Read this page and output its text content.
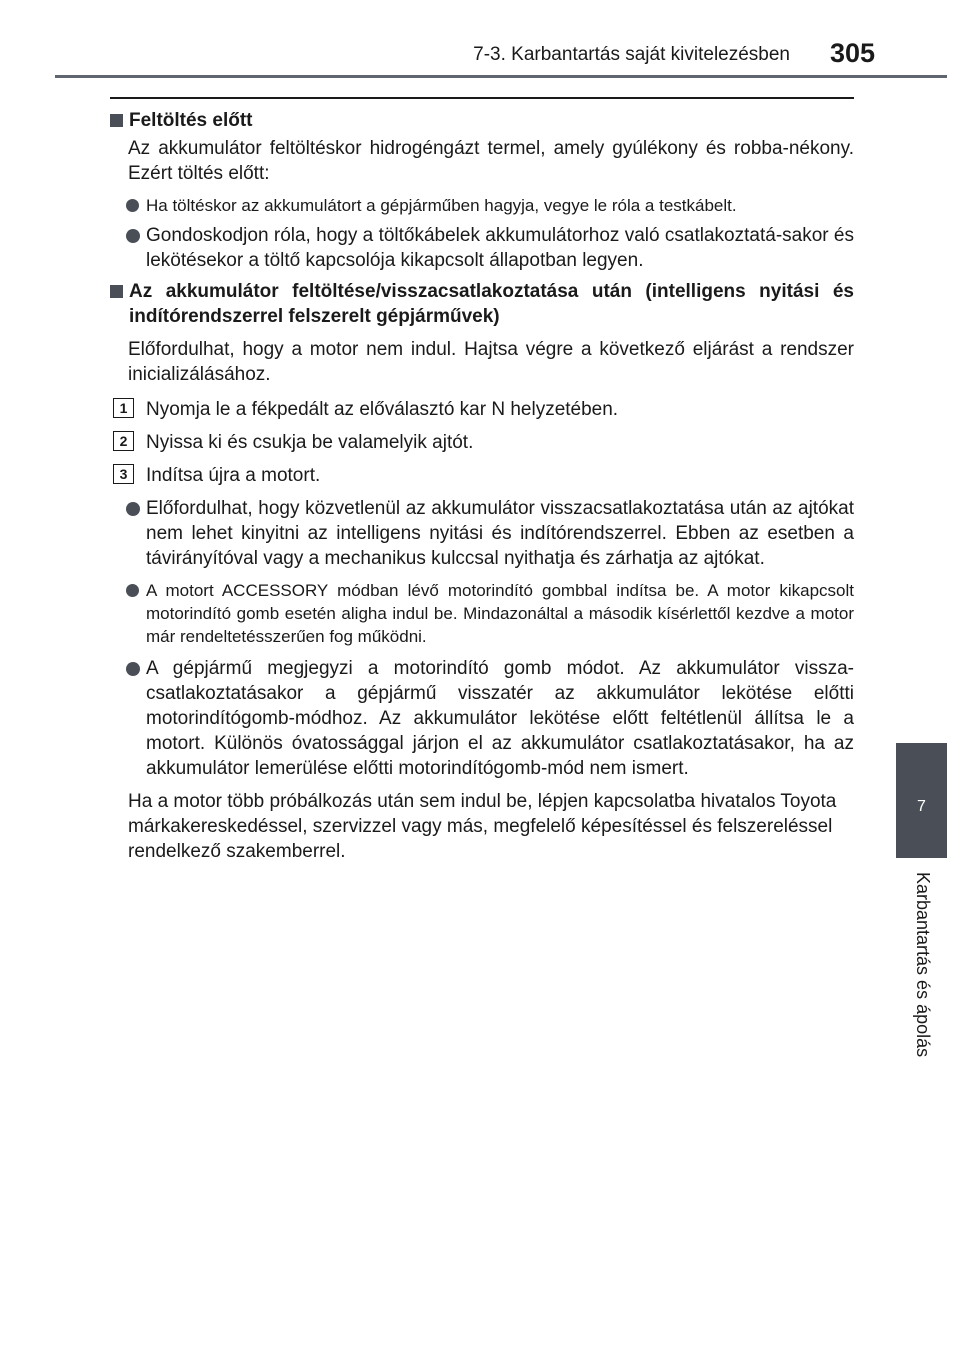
7-3. Karbantartás saját kivitelezésben 305
7
Karbantartás és ápolás
Feltöltés előtt
Az akkumulátor feltöltéskor hidrogéngázt termel, amely gyúlékony és robba-nékony. Ezért töltés előtt:
Ha töltéskor az akkumulátort a gépjárműben hagyja, vegye le róla a testkábelt.
Gondoskodjon róla, hogy a töltőkábelek akkumulátorhoz való csatlakoztatá-sakor és lekötésekor a töltő kapcsolója kikapcsolt állapotban legyen.
Az akkumulátor feltöltése/visszacsatlakoztatása után (intelligens nyitási és indítórendszerrel felszerelt gépjárművek)
Előfordulhat, hogy a motor nem indul. Hajtsa végre a következő eljárást a rendszer inicializálásához.
1 Nyomja le a fékpedált az előválasztó kar N helyzetében.
2 Nyissa ki és csukja be valamelyik ajtót.
3 Indítsa újra a motort.
Előfordulhat, hogy közvetlenül az akkumulátor visszacsatlakoztatása után az ajtókat nem lehet kinyitni az intelligens nyitási és indítórendszerrel. Ebben az esetben a távirányítóval vagy a mechanikus kulccsal nyithatja és zárhatja az ajtókat.
A motort ACCESSORY módban lévő motorindító gombbal indítsa be. A motor kikapcsolt motorindító gomb esetén aligha indul be. Mindazonáltal a második kísérlettől kezdve a motor már rendeltetésszerűen fog működni.
A gépjármű megjegyzi a motorindító gomb módot. Az akkumulátor vissza-csatlakoztatásakor a gépjármű visszatér az akkumulátor lekötése előtti motorindítógomb-módhoz. Az akkumulátor lekötése előtt feltétlenül állítsa le a motort. Különös óvatossággal járjon el az akkumulátor csatlakoztatásakor, ha az akkumulátor lemerülése előtti motorindítógomb-mód nem ismert.
Ha a motor több próbálkozás után sem indul be, lépjen kapcsolatba hivatalos Toyota márkakereskedéssel, szervizzel vagy más, megfelelő képesítéssel és felszereléssel rendelkező szakemberrel.
